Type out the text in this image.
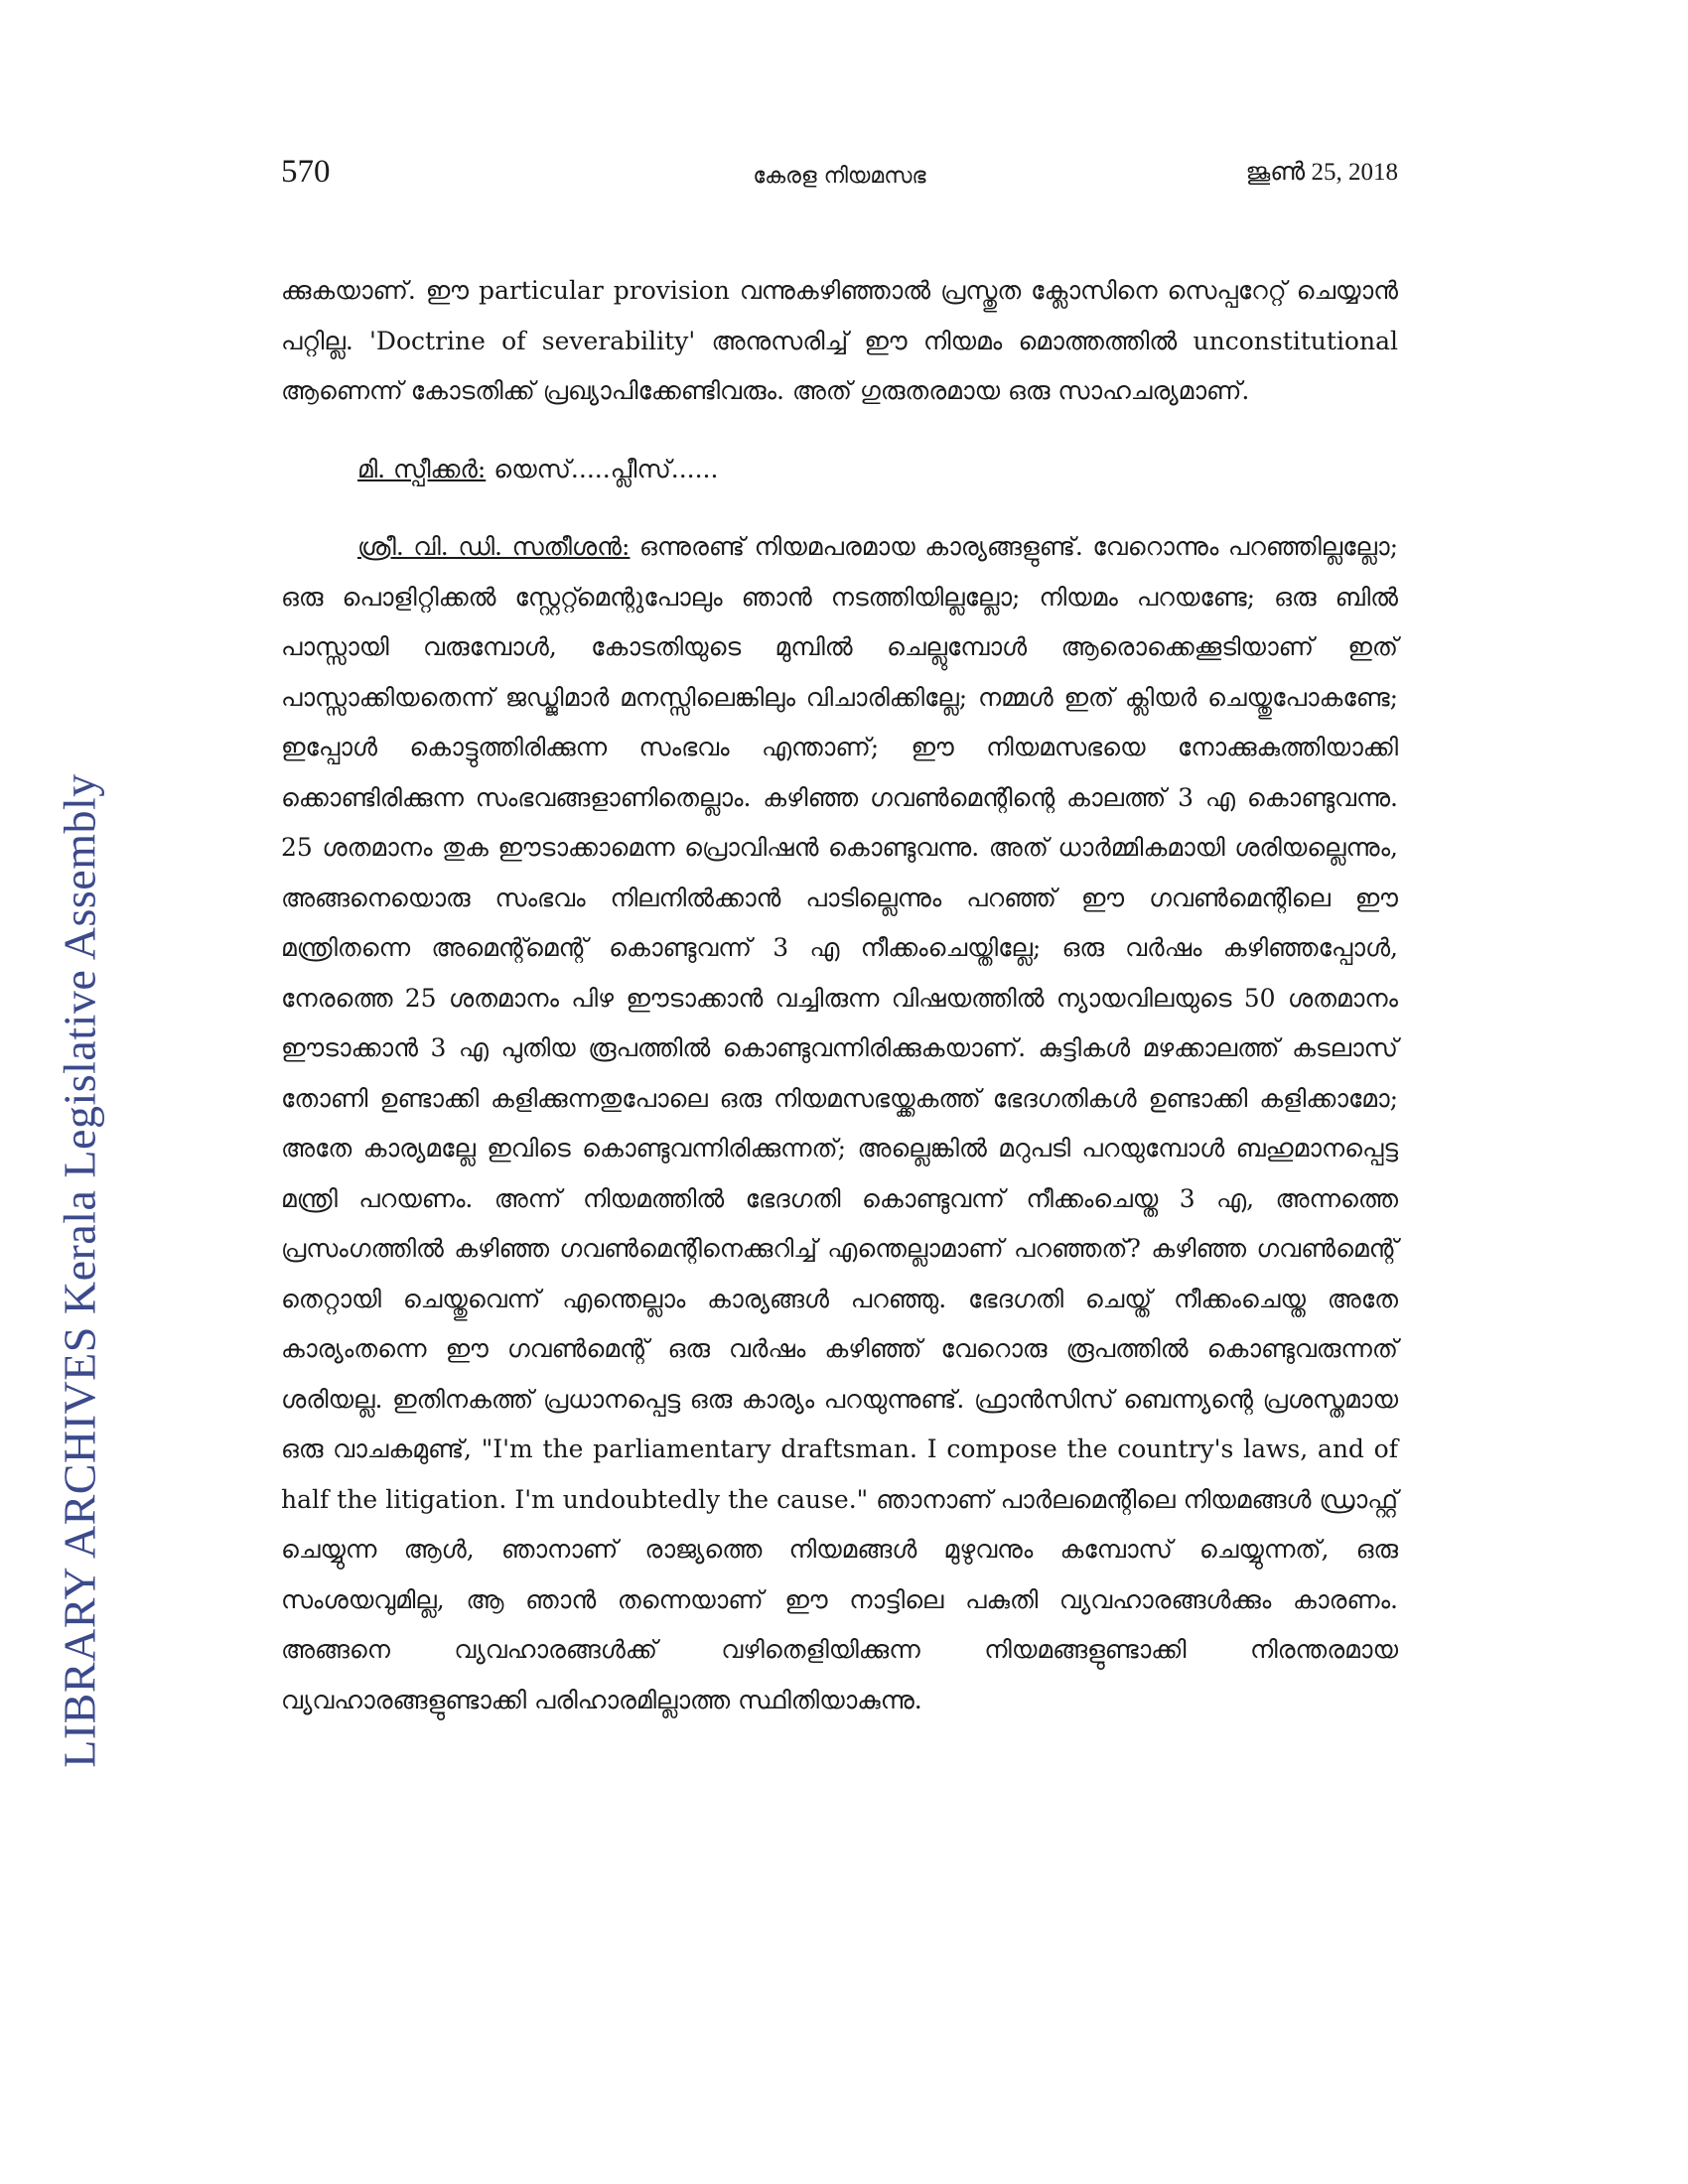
LIBRARY ARCHIVES Kerala Legislative Assembly
570	കേരള നിയമസഭ	ജൂൺ 25, 2018

ക്കുകയാണ്. ഈ particular provision വന്നുകഴിഞ്ഞാൽ പ്രസ്തുത ക്ലോസിനെ സെപ്പറേറ്റ് ചെയ്യാൻ പറ്റില്ല. 'Doctrine of severability' അനുസരിച്ച് ഈ നിയമം മൊത്തത്തിൽ unconstitutional ആണെന്ന് കോടതിക്ക് പ്രഖ്യാപിക്കേണ്ടിവരും. അത് ഗുരുതരമായ ഒരു സാഹചര്യമാണ്.

മി. സ്പീക്കർ: യെസ്.....പ്ലീസ്......

ശ്രീ. വി. ഡി. സതീശൻ: ഒന്നുരണ്ട് നിയമപരമായ കാര്യങ്ങളുണ്ട്. വേറൊന്നും പറഞ്ഞില്ലല്ലോ; ഒരു പൊളിറ്റിക്കൽ സ്റ്റേറ്റ്മെന്റുപോലും ഞാൻ നടത്തിയില്ലല്ലോ; നിയമം പറയണ്ടേ; ഒരു ബിൽ പാസ്സായി വരുമ്പോൾ, കോടതിയുടെ മുമ്പിൽ ചെല്ലുമ്പോൾ ആരൊക്കെക്കൂടിയാണ് ഇത് പാസ്സാക്കിയതെന്ന് ജഡ്ജിമാർ മനസ്സിലെങ്കിലും വിചാരിക്കില്ലേ; നമ്മൾ ഇത് ക്ലിയർ ചെയ്തുപോകണ്ടേ; ഇപ്പോൾ കൊട്ടുത്തിരിക്കുന്ന സംഭവം എന്താണ്; ഈ നിയമസഭയെ നോക്കുകുത്തിയാക്കി ക്കൊണ്ടിരിക്കുന്ന സംഭവങ്ങളാണിതെല്ലാം. കഴിഞ്ഞ ഗവൺമെന്റിന്റെ കാലത്ത് 3 എ കൊണ്ടുവന്നു. 25 ശതമാനം തുക ഈടാക്കാമെന്ന പ്രൊവിഷൻ കൊണ്ടുവന്നു. അത് ധാർമ്മികമായി ശരിയല്ലെന്നും, അങ്ങനെയൊരു സംഭവം നിലനിൽക്കാൻ പാടില്ലെന്നും പറഞ്ഞ് ഈ ഗവൺമെന്റിലെ ഈ മന്ത്രിതന്നെ അമെന്റ്മെന്റ് കൊണ്ടുവന്ന് 3 എ നീക്കംചെയ്തില്ലേ; ഒരു വർഷം കഴിഞ്ഞപ്പോൾ, നേരത്തെ 25 ശതമാനം പിഴ ഈടാക്കാൻ വച്ചിരുന്ന വിഷയത്തിൽ ന്യായവിലയുടെ 50 ശതമാനം ഈടാക്കാൻ 3 എ പുതിയ രൂപത്തിൽ കൊണ്ടുവന്നിരിക്കുകയാണ്. കുട്ടികൾ മഴക്കാലത്ത് കടലാസ് തോണി ഉണ്ടാക്കി കളിക്കുന്നതുപോലെ ഒരു നിയമസഭയ്ക്കകത്ത് ഭേദഗതികൾ ഉണ്ടാക്കി കളിക്കാമോ; അതേ കാര്യമല്ലേ ഇവിടെ കൊണ്ടുവന്നിരിക്കുന്നത്; അല്ലെങ്കിൽ മറുപടി പറയുമ്പോൾ ബഹുമാനപ്പെട്ട മന്ത്രി പറയണം. അന്ന് നിയമത്തിൽ ഭേദഗതി കൊണ്ടുവന്ന് നീക്കംചെയ്ത 3 എ, അന്നത്തെ പ്രസംഗത്തിൽ കഴിഞ്ഞ ഗവൺമെന്റിനെക്കുറിച്ച് എന്തെല്ലാമാണ് പറഞ്ഞത്? കഴിഞ്ഞ ഗവൺമെന്റ് തെറ്റായി ചെയ്തുവെന്ന് എന്തെല്ലാം കാര്യങ്ങൾ പറഞ്ഞു. ഭേദഗതി ചെയ്ത് നീക്കംചെയ്ത അതേ കാര്യംതന്നെ ഈ ഗവൺമെന്റ് ഒരു വർഷം കഴിഞ്ഞ് വേറൊരു രൂപത്തിൽ കൊണ്ടുവരുന്നത് ശരിയല്ല. ഇതിനകത്ത് പ്രധാനപ്പെട്ട ഒരു കാര്യം പറയുന്നുണ്ട്. ഫ്രാൻസിസ് ബെന്ന്യന്റെ പ്രശസ്തമായ ഒരു വാചകമുണ്ട്, "I'm the parliamentary draftsman. I compose the country's laws, and of half the litigation. I'm undoubtedly the cause." ഞാനാണ് പാർലമെന്റിലെ നിയമങ്ങൾ ഡ്രാഫ്റ്റ് ചെയ്യുന്ന ആൾ, ഞാനാണ് രാജ്യത്തെ നിയമങ്ങൾ മുഴുവനും കമ്പോസ് ചെയ്യുന്നത്, ഒരു സംശയവുമില്ല, ആ ഞാൻ തന്നെയാണ് ഈ നാട്ടിലെ പകുതി വ്യവഹാരങ്ങൾക്കും കാരണം. അങ്ങനെ വ്യവഹാരങ്ങൾക്ക് വഴിതെളിയിക്കുന്ന നിയമങ്ങളുണ്ടാക്കി നിരന്തരമായ വ്യവഹാരങ്ങളുണ്ടാക്കി പരിഹാരമില്ലാത്ത സ്ഥിതിയാകുന്നു.
